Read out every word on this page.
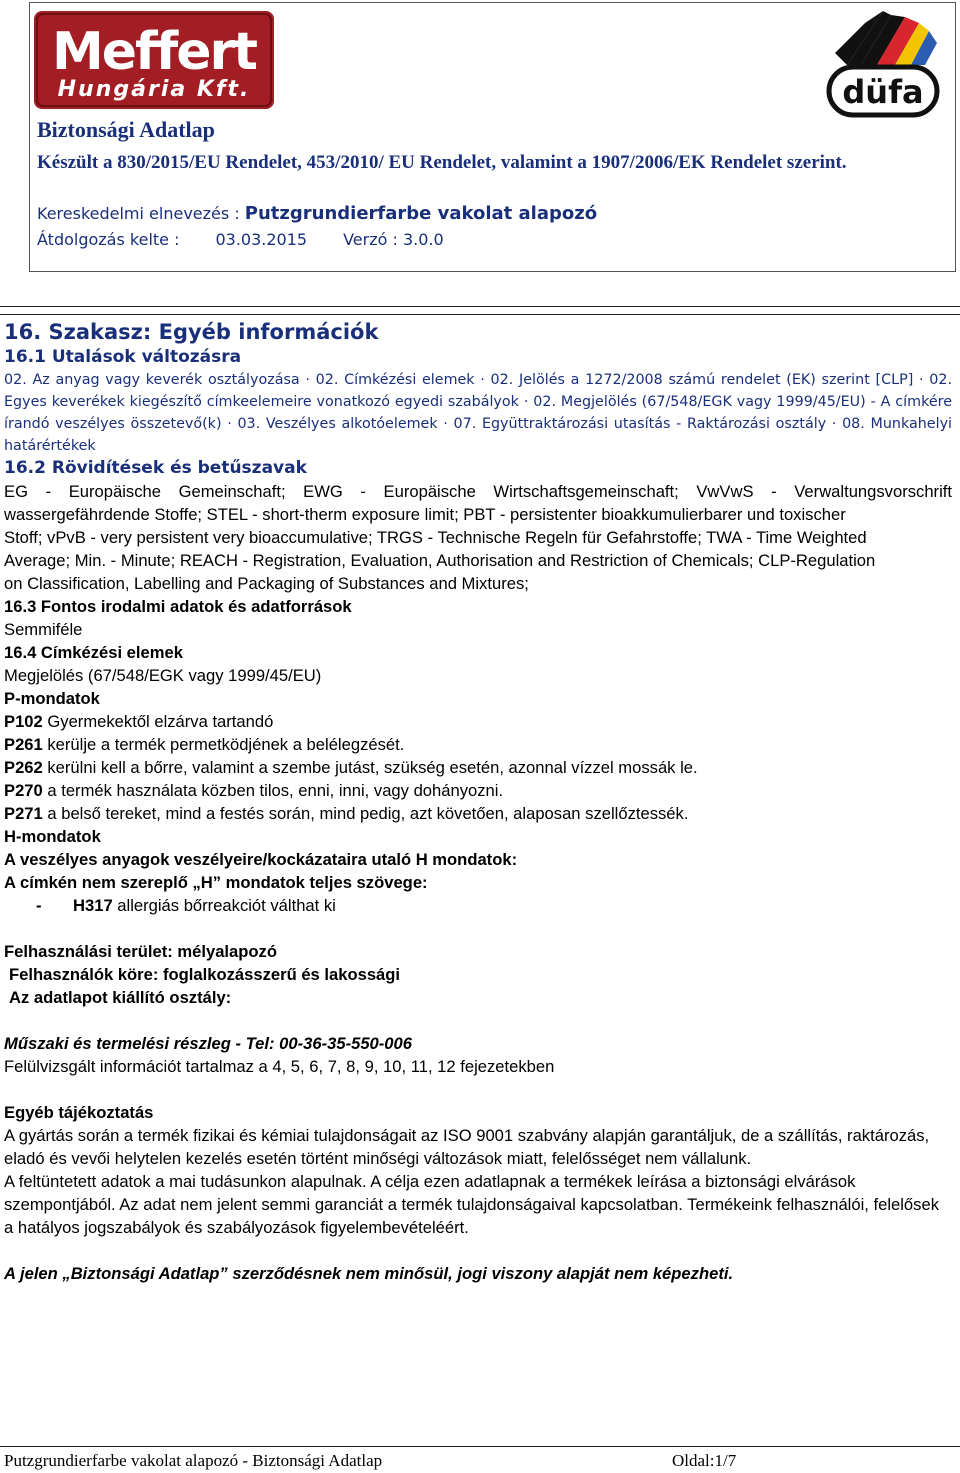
Meffert
Hungária Kft.	düfa
Biztonsági Adatlap
Készült a 830/2015/EU Rendelet, 453/2010/ EU Rendelet, valamint a 1907/2006/EK Rendelet szerint.
Kereskedelmi elnevezés : Putzgrundierfarbe vakolat alapozó
Átdolgozás kelte : 03.03.2015 Verzó : 3.0.0
16. Szakasz: Egyéb információk
16.1 Utalások változásra
02. Az anyag vagy keverék osztályozása · 02. Címkézési elemek · 02. Jelölés a 1272/2008 számú rendelet (EK) szerint [CLP] · 02. Egyes keverékek kiegészítő címkeelemeire vonatkozó egyedi szabályok · 02. Megjelölés (67/548/EGK vagy 1999/45/EU) - A címkére írandó veszélyes összetevő(k) · 03. Veszélyes alkotóelemek · 07. Együttraktározási utasítás - Raktározási osztály · 08. Munkahelyi határértékek
16.2 Rövidítések és betűszavak
EG - Europäische Gemeinschaft; EWG - Europäische Wirtschaftsgemeinschaft; VwVwS - Verwaltungsvorschrift wassergefährdende Stoffe; STEL - short-therm exposure limit; PBT - persistenter bioakkumulierbarer und toxischer
Stoff; vPvB - very persistent very bioaccumulative; TRGS - Technische Regeln für Gefahrstoffe; TWA - Time Weighted
Average; Min. - Minute; REACH - Registration, Evaluation, Authorisation and Restriction of Chemicals; CLP-Regulation
on Classification, Labelling and Packaging of Substances and Mixtures;
16.3 Fontos irodalmi adatok és adatforrások
Semmiféle
16.4 Címkézési elemek
Megjelölés (67/548/EGK vagy 1999/45/EU)
P-mondatok
P102 Gyermekektől elzárva tartandó
P261 kerülje a termék permetködjének a belélegzését.
P262 kerülni kell a bőrre, valamint a szembe jutást, szükség esetén, azonnal vízzel mossák le.
P270 a termék használata közben tilos, enni, inni, vagy dohányozni.
P271 a belső tereket, mind a festés során, mind pedig, azt követően, alaposan szellőztessék.
H-mondatok
A veszélyes anyagok veszélyeire/kockázataira utaló H mondatok:
A címkén nem szereplő „H” mondatok teljes szövege:
- H317 allergiás bőrreakciót válthat ki
Felhasználási terület: mélyalapozó
Felhasználók köre: foglalkozásszerű és lakossági
Az adatlapot kiállító osztály:
Műszaki és termelési részleg - Tel: 00-36-35-550-006
Felülvizsgált információt tartalmaz a 4, 5, 6, 7, 8, 9, 10, 11, 12 fejezetekben
Egyéb tájékoztatás
A gyártás során a termék fizikai és kémiai tulajdonságait az ISO 9001 szabvány alapján garantáljuk, de a szállítás, raktározás, eladó és vevői helytelen kezelés esetén történt minőségi változások miatt, felelősséget nem vállalunk.
A feltüntetett adatok a mai tudásunkon alapulnak. A célja ezen adatlapnak a termékek leírása a biztonsági elvárások szempontjából. Az adat nem jelent semmi garanciát a termék tulajdonságaival kapcsolatban. Termékeink felhasználói, felelősek a hatályos jogszabályok és szabályozások figyelembevételéért.
A jelen „Biztonsági Adatlap” szerződésnek nem minősül, jogi viszony alapját nem képezheti.
Putzgrundierfarbe vakolat alapozó - Biztonsági Adatlap	Oldal:1/7
